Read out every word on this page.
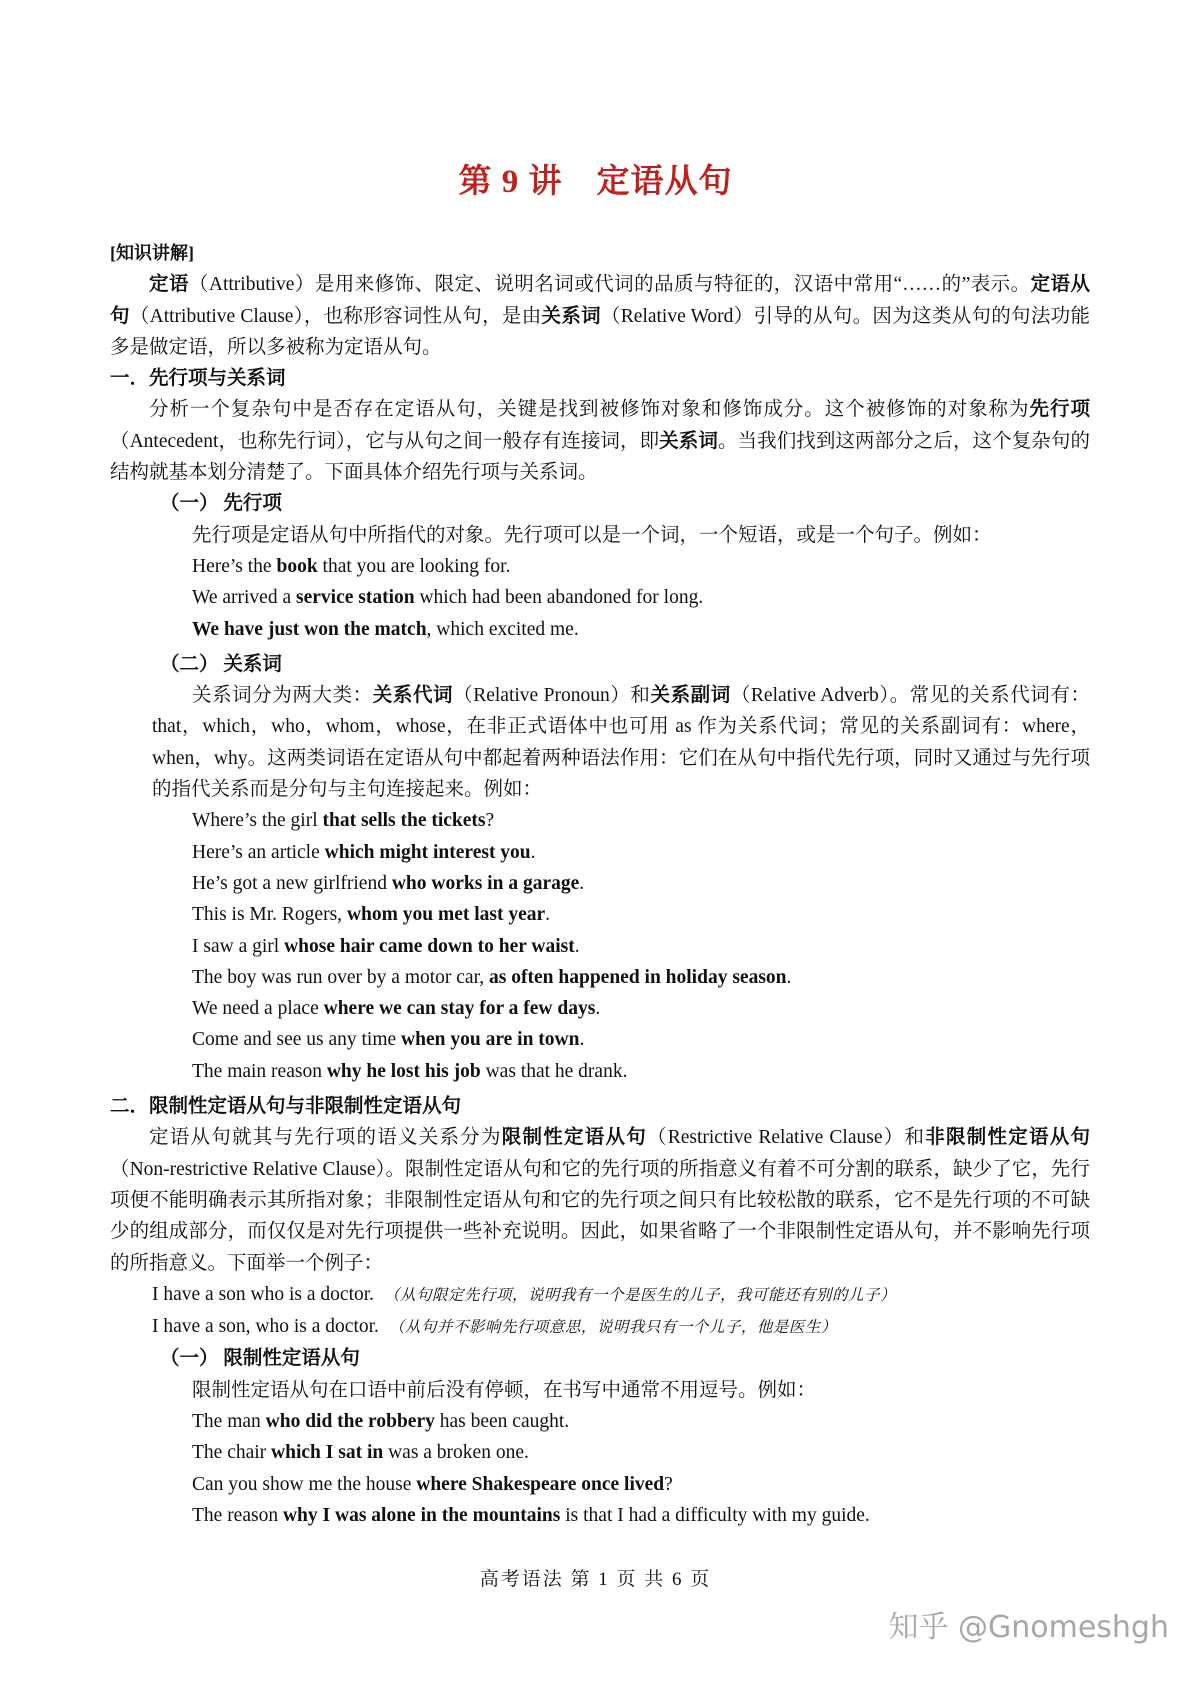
第 9 讲 定语从句

[知识讲解]

定语（Attributive）是用来修饰、限定、说明名词或代词的品质与特征的，汉语中常用“……的”表示。定语从句（Attributive Clause），也称形容词性从句，是由关系词（Relative Word）引导的从句。因为这类从句的句法功能多是做定语，所以多被称为定语从句。

一．先行项与关系词

分析一个复杂句中是否存在定语从句，关键是找到被修饰对象和修饰成分。这个被修饰的对象称为先行项（Antecedent，也称先行词），它与从句之间一般存有连接词，即关系词。当我们找到这两部分之后，这个复杂句的结构就基本划分清楚了。下面具体介绍先行项与关系词。

（一） 先行项

先行项是定语从句中所指代的对象。先行项可以是一个词，一个短语，或是一个句子。例如：

Here’s the book that you are looking for.

We arrived a service station which had been abandoned for long.

We have just won the match, which excited me.

（二） 关系词

关系词分为两大类：关系代词（Relative Pronoun）和关系副词（Relative Adverb）。常见的关系代词有：that，which，who，whom，whose，在非正式语体中也可用 as 作为关系代词；常见的关系副词有：where，when，why。这两类词语在定语从句中都起着两种语法作用：它们在从句中指代先行项，同时又通过与先行项的指代关系而是分句与主句连接起来。例如：

Where’s the girl that sells the tickets?

Here’s an article which might interest you.

He’s got a new girlfriend who works in a garage.

This is Mr. Rogers, whom you met last year.

I saw a girl whose hair came down to her waist.

The boy was run over by a motor car, as often happened in holiday season.

We need a place where we can stay for a few days.

Come and see us any time when you are in town.

The main reason why he lost his job was that he drank.

二．限制性定语从句与非限制性定语从句

定语从句就其与先行项的语义关系分为限制性定语从句（Restrictive Relative Clause）和非限制性定语从句（Non-restrictive Relative Clause）。限制性定语从句和它的先行项的所指意义有着不可分割的联系，缺少了它，先行项便不能明确表示其所指对象；非限制性定语从句和它的先行项之间只有比较松散的联系，它不是先行项的不可缺少的组成部分，而仅仅是对先行项提供一些补充说明。因此，如果省略了一个非限制性定语从句，并不影响先行项的所指意义。下面举一个例子：

I have a son who is a doctor. （从句限定先行项，说明我有一个是医生的儿子，我可能还有别的儿子）

I have a son, who is a doctor. （从句并不影响先行项意思，说明我只有一个儿子，他是医生）

（一） 限制性定语从句

限制性定语从句在口语中前后没有停顿，在书写中通常不用逗号。例如：

The man who did the robbery has been caught.

The chair which I sat in was a broken one.

Can you show me the house where Shakespeare once lived?

The reason why I was alone in the mountains is that I had a difficulty with my guide.

高考语法 第 1 页 共 6 页
知乎 @Gnomeshgh
